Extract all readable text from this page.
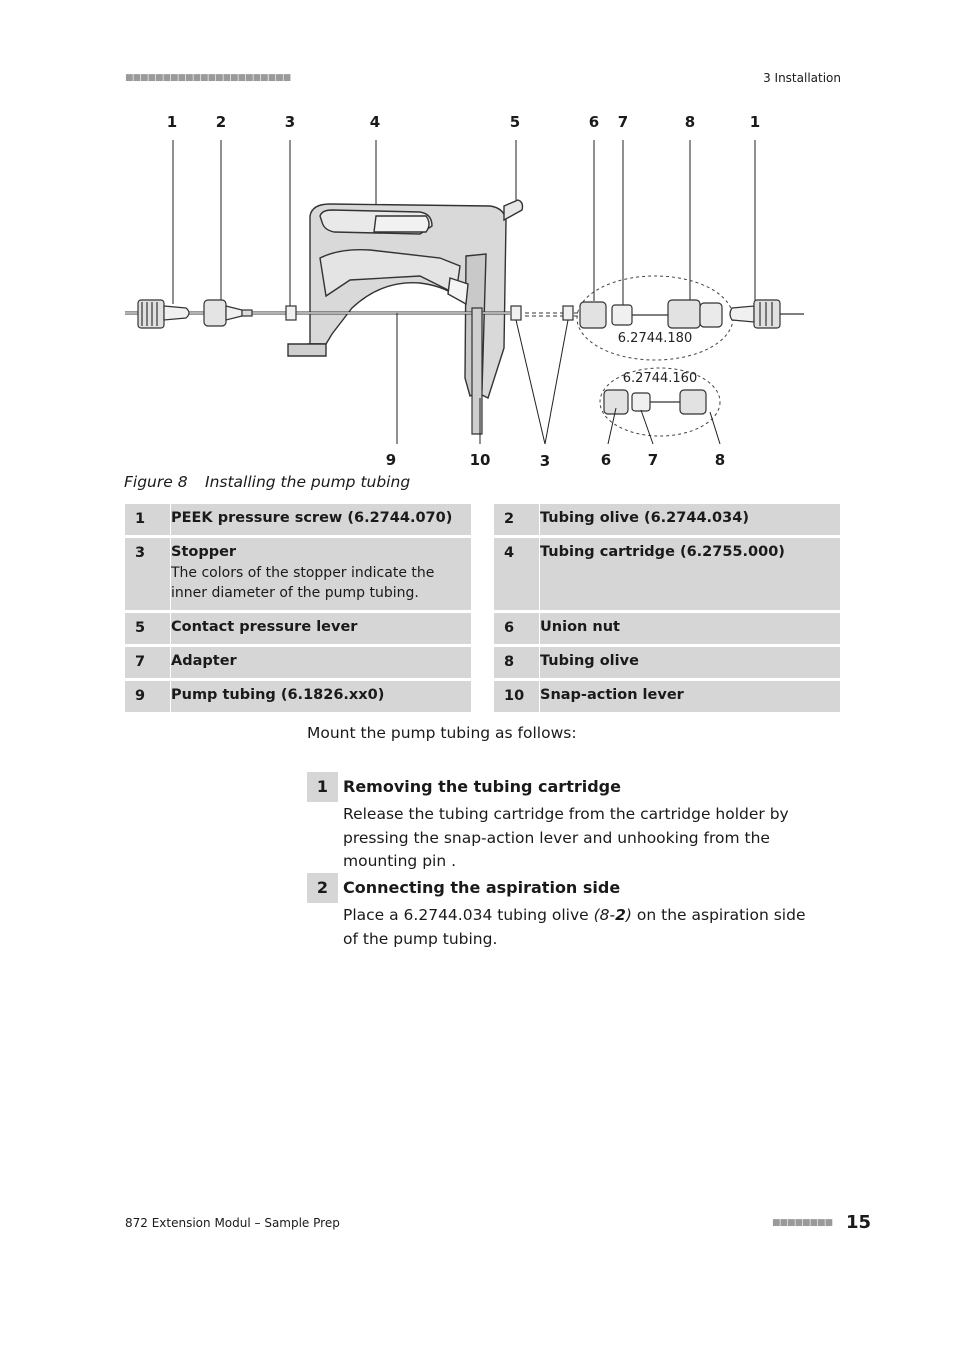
■■■■■■■■■■■■■■■■■■■■■■	3 Installation
1	2	3	4	5	6 7	8	1
6.2744.180
6.2744.160
9	10	3	6 7	8
Figure 8 Installing the pump tubing
1	PEEK pressure screw (6.2744.070)	2	Tubing olive (6.2744.034)
3	Stopper
The colors of the stopper indicate the inner diameter of the pump tubing.
4	Tubing cartridge (6.2755.000)
5	Contact pressure lever	6	Union nut
7	Adapter	8	Tubing olive
9	Pump tubing (6.1826.xx0)	10	Snap-action lever
Mount the pump tubing as follows:
1 Removing the tubing cartridge
Release the tubing cartridge from the cartridge holder by pressing the snap-action lever and unhooking from the mounting pin .
2 Connecting the aspiration side
Place a 6.2744.034 tubing olive (8-2) on the aspiration side of the pump tubing.
872 Extension Modul – Sample Prep	■■■■■■■■ 15
